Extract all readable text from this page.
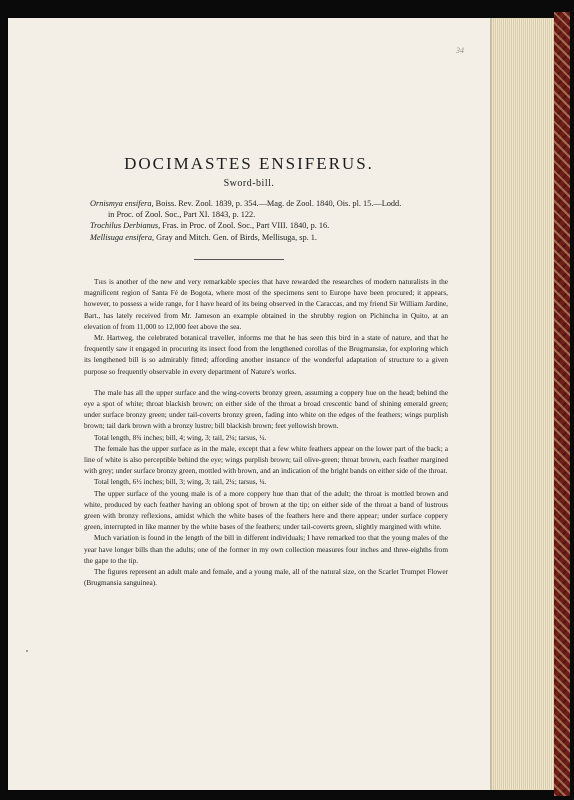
34
DOCIMASTES ENSIFERUS.
Sword-bill.

Ornismya ensifera, Boiss. Rev. Zool. 1839, p. 354.—Mag. de Zool. 1840, Ois. pl. 15.—Lodd.

in Proc. of Zool. Soc., Part XI. 1843, p. 122.

Trochilus Derbianus, Fras. in Proc. of Zool. Soc., Part VIII. 1840, p. 16.

Mellisuga ensifera, Gray and Mitch. Gen. of Birds, Mellisuga, sp. 1.

This is another of the new and very remarkable species that have rewarded the researches of modern naturalists in the magnificent region of Santa Fé de Bogota, where most of the specimens sent to Europe have been procured; it appears, however, to possess a wide range, for I have heard of its being observed in the Caraccas, and my friend Sir William Jardine, Bart., has lately received from Mr. Jameson an example obtained in the shrubby region on Pichincha in Quito, at an elevation of from 11,000 to 12,000 feet above the sea.

Mr. Hartweg, the celebrated botanical traveller, informs me that he has seen this bird in a state of nature, and that he frequently saw it engaged in procuring its insect food from the lengthened corollas of the Brugmansiæ, for exploring which its lengthened bill is so admirably fitted; affording another instance of the wonderful adaptation of structure to a given purpose so frequently observable in every department of Nature's works.

The male has all the upper surface and the wing-coverts bronzy green, assuming a coppery hue on the head; behind the eye a spot of white; throat blackish brown; on either side of the throat a broad crescentic band of shining emerald green; under surface bronzy green; under tail-coverts bronzy green, fading into white on the edges of the feathers; wings purplish brown; tail dark brown with a bronzy lustre; bill blackish brown; feet yellowish brown.

Total length, 8¾ inches; bill, 4; wing, 3; tail, 2¼; tarsus, ¼.

The female has the upper surface as in the male, except that a few white feathers appear on the lower part of the back; a line of white is also perceptible behind the eye; wings purplish brown; tail olive-green; throat brown, each feather margined with grey; under surface bronzy green, mottled with brown, and an indication of the bright bands on either side of the throat.

Total length, 6½ inches; bill, 3; wing, 3; tail, 2¼; tarsus, ¼.

The upper surface of the young male is of a more coppery hue than that of the adult; the throat is mottled brown and white, produced by each feather having an oblong spot of brown at the tip; on either side of the throat a band of lustrous green with bronzy reflexions, amidst which the white bases of the feathers here and there appear; under surface coppery green, interrupted in like manner by the white bases of the feathers; under tail-coverts green, slightly margined with white.

Much variation is found in the length of the bill in different individuals; I have remarked too that the young males of the year have longer bills than the adults; one of the former in my own collection measures four inches and three-eighths from the gape to the tip.

The figures represent an adult male and female, and a young male, all of the natural size, on the Scarlet Trumpet Flower (Brugmansia sanguinea).
